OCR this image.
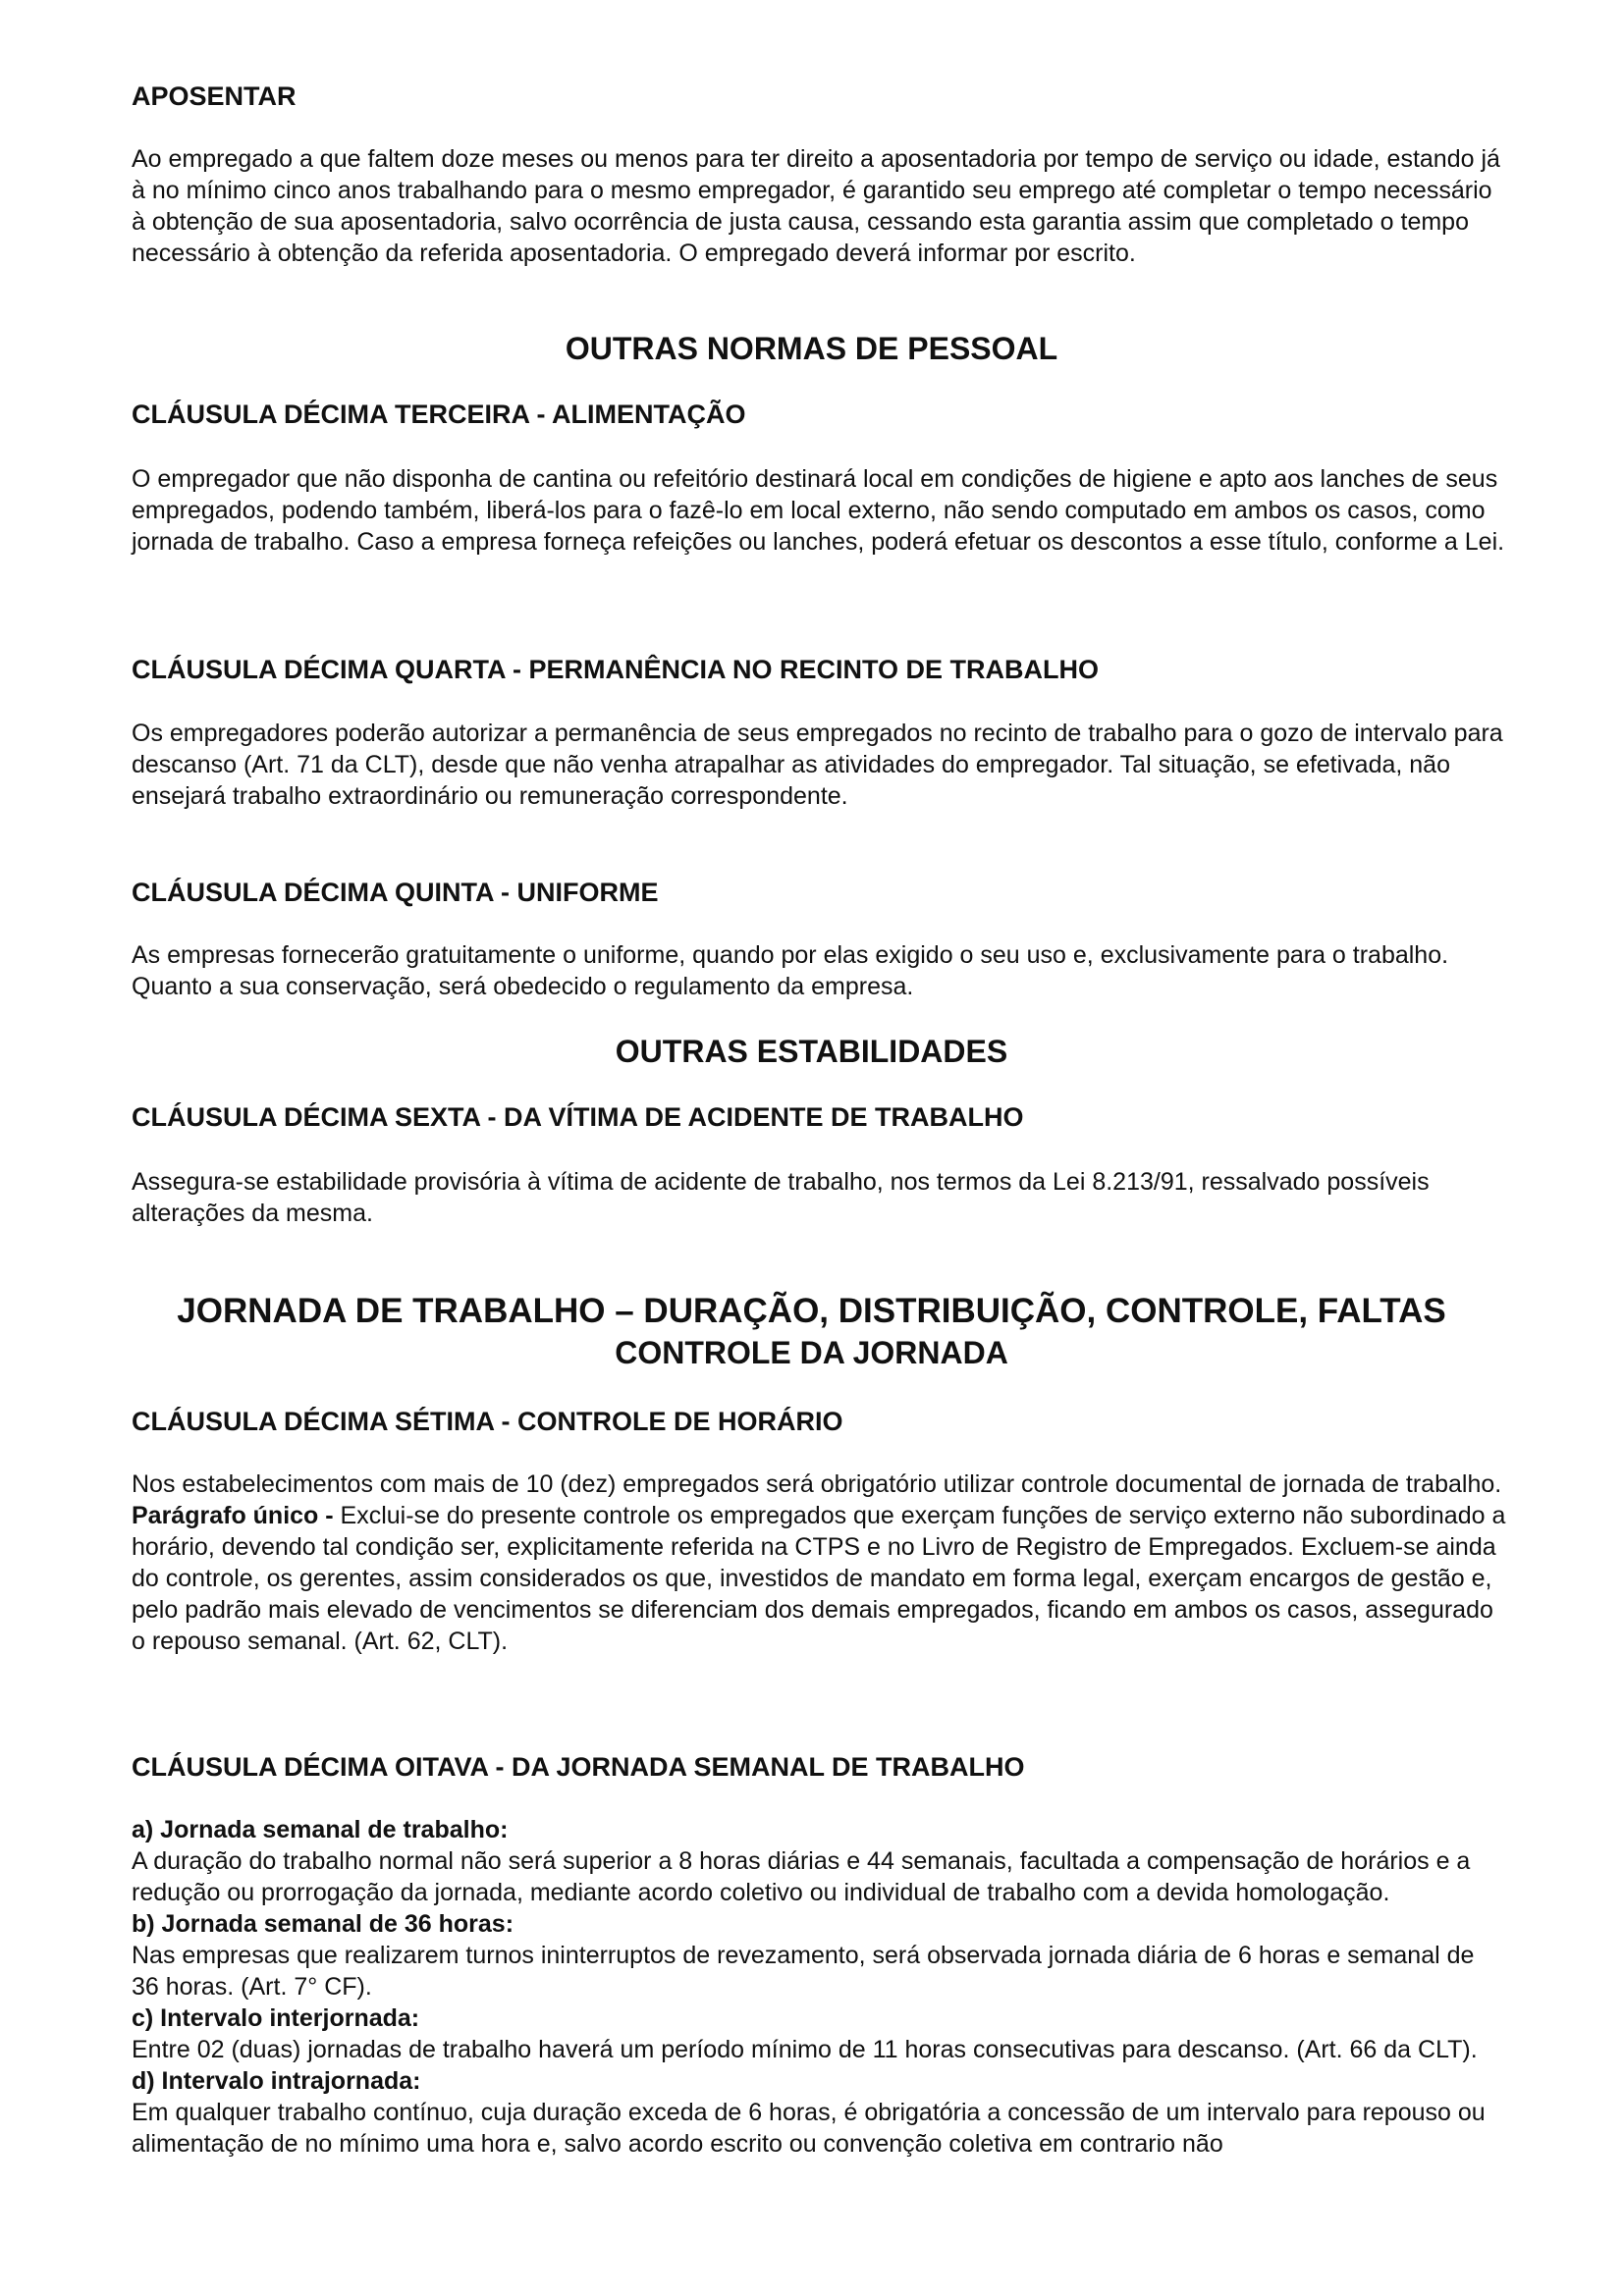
APOSENTAR
Ao empregado a que faltem doze meses ou menos para ter direito a aposentadoria por tempo de serviço ou idade, estando já à no mínimo cinco anos trabalhando para o mesmo empregador, é garantido seu emprego até completar o tempo necessário à obtenção de sua aposentadoria, salvo ocorrência de justa causa, cessando esta garantia assim que completado o tempo necessário à obtenção da referida aposentadoria. O empregado deverá informar por escrito.
OUTRAS NORMAS DE PESSOAL
CLÁUSULA DÉCIMA TERCEIRA - ALIMENTAÇÃO
O empregador que não disponha de cantina ou refeitório destinará local em condições de higiene e apto aos lanches de seus empregados, podendo também, liberá-los para o fazê-lo em local externo, não sendo computado em ambos os casos, como jornada de trabalho. Caso a empresa forneça refeições ou lanches, poderá efetuar os descontos a esse título, conforme a Lei.
CLÁUSULA DÉCIMA QUARTA - PERMANÊNCIA NO RECINTO DE TRABALHO
Os empregadores poderão autorizar a permanência de seus empregados no recinto de trabalho para o gozo de intervalo para descanso (Art. 71 da CLT), desde que não venha atrapalhar as atividades do empregador. Tal situação, se efetivada, não ensejará trabalho extraordinário ou remuneração correspondente.
CLÁUSULA DÉCIMA QUINTA - UNIFORME
As empresas fornecerão gratuitamente o uniforme, quando por elas exigido o seu uso e, exclusivamente para o trabalho. Quanto a sua conservação, será obedecido o regulamento da empresa.
OUTRAS ESTABILIDADES
CLÁUSULA DÉCIMA SEXTA - DA VÍTIMA DE ACIDENTE DE TRABALHO
Assegura-se estabilidade provisória à vítima de acidente de trabalho, nos termos da Lei 8.213/91, ressalvado possíveis alterações da mesma.
JORNADA DE TRABALHO – DURAÇÃO, DISTRIBUIÇÃO, CONTROLE, FALTAS
CONTROLE DA JORNADA
CLÁUSULA DÉCIMA SÉTIMA - CONTROLE DE HORÁRIO
Nos estabelecimentos com mais de 10 (dez) empregados será obrigatório utilizar controle documental de jornada de trabalho.
Parágrafo único - Exclui-se do presente controle os empregados que exerçam funções de serviço externo não subordinado a horário, devendo tal condição ser, explicitamente referida na CTPS e no Livro de Registro de Empregados. Excluem-se ainda do controle, os gerentes, assim considerados os que, investidos de mandato em forma legal, exerçam encargos de gestão e, pelo padrão mais elevado de vencimentos se diferenciam dos demais empregados, ficando em ambos os casos, assegurado o repouso semanal. (Art. 62, CLT).
CLÁUSULA DÉCIMA OITAVA - DA JORNADA SEMANAL DE TRABALHO
a) Jornada semanal de trabalho:
A duração do trabalho normal não será superior a 8 horas diárias e 44 semanais, facultada a compensação de horários e a redução ou prorrogação da jornada, mediante acordo coletivo ou individual de trabalho com a devida homologação.
b) Jornada semanal de 36 horas:
Nas empresas que realizarem turnos ininterruptos de revezamento, será observada jornada diária de 6 horas e semanal de 36 horas. (Art. 7° CF).
c) Intervalo interjornada:
Entre 02 (duas) jornadas de trabalho haverá um período mínimo de 11 horas consecutivas para descanso. (Art. 66 da CLT).
d) Intervalo intrajornada:
Em qualquer trabalho contínuo, cuja duração exceda de 6 horas, é obrigatória a concessão de um intervalo para repouso ou alimentação de no mínimo uma hora e, salvo acordo escrito ou convenção coletiva em contrario não
